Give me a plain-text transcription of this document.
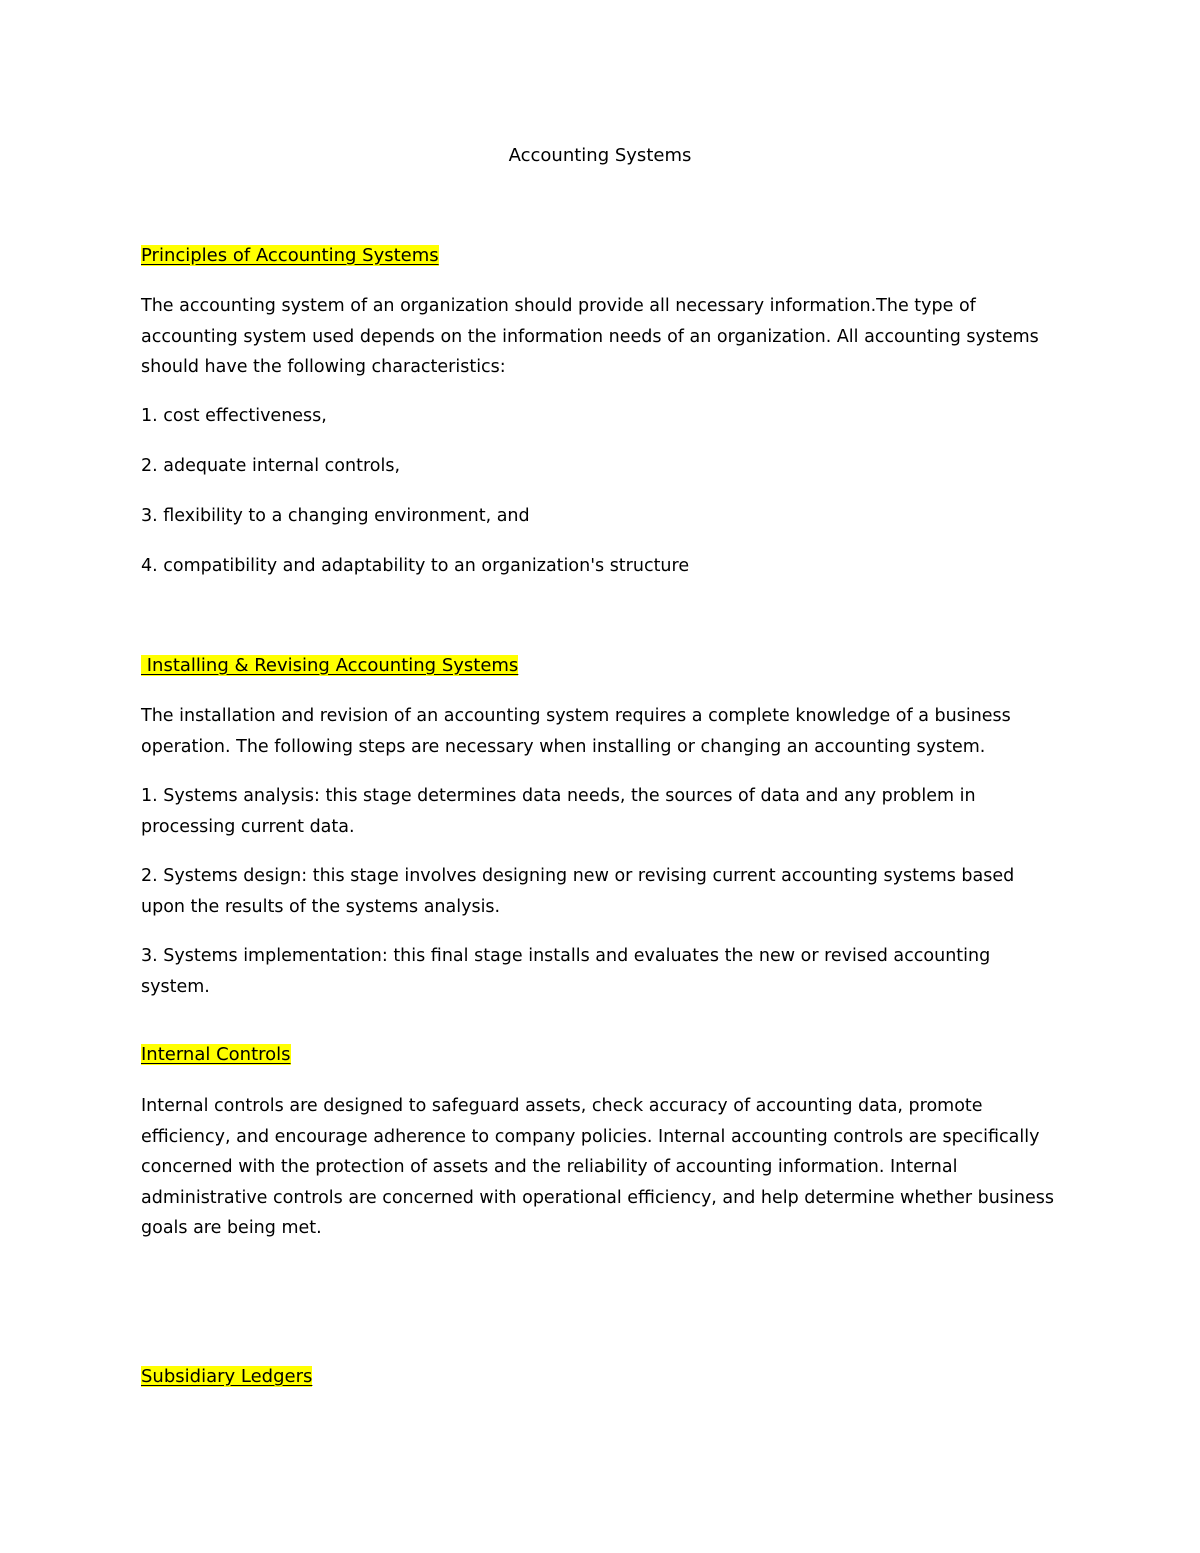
Accounting Systems
Principles of Accounting Systems

The accounting system of an organization should provide all necessary information.The type of accounting system used depends on the information needs of an organization. All accounting systems should have the following characteristics:

1. cost effectiveness,

2. adequate internal controls,

3. flexibility to a changing environment, and

4. compatibility and adaptability to an organization's structure

Installing & Revising Accounting Systems

The installation and revision of an accounting system requires a complete knowledge of a business operation. The following steps are necessary when installing or changing an accounting system.

1. Systems analysis: this stage determines data needs, the sources of data and any problem in processing current data.

2. Systems design: this stage involves designing new or revising current accounting systems based upon the results of the systems analysis.

3. Systems implementation: this final stage installs and evaluates the new or revised accounting system.

Internal Controls

Internal controls are designed to safeguard assets, check accuracy of accounting data, promote efficiency, and encourage adherence to company policies. Internal accounting controls are specifically concerned with the protection of assets and the reliability of accounting information. Internal administrative controls are concerned with operational efficiency, and help determine whether business goals are being met.

Subsidiary Ledgers
